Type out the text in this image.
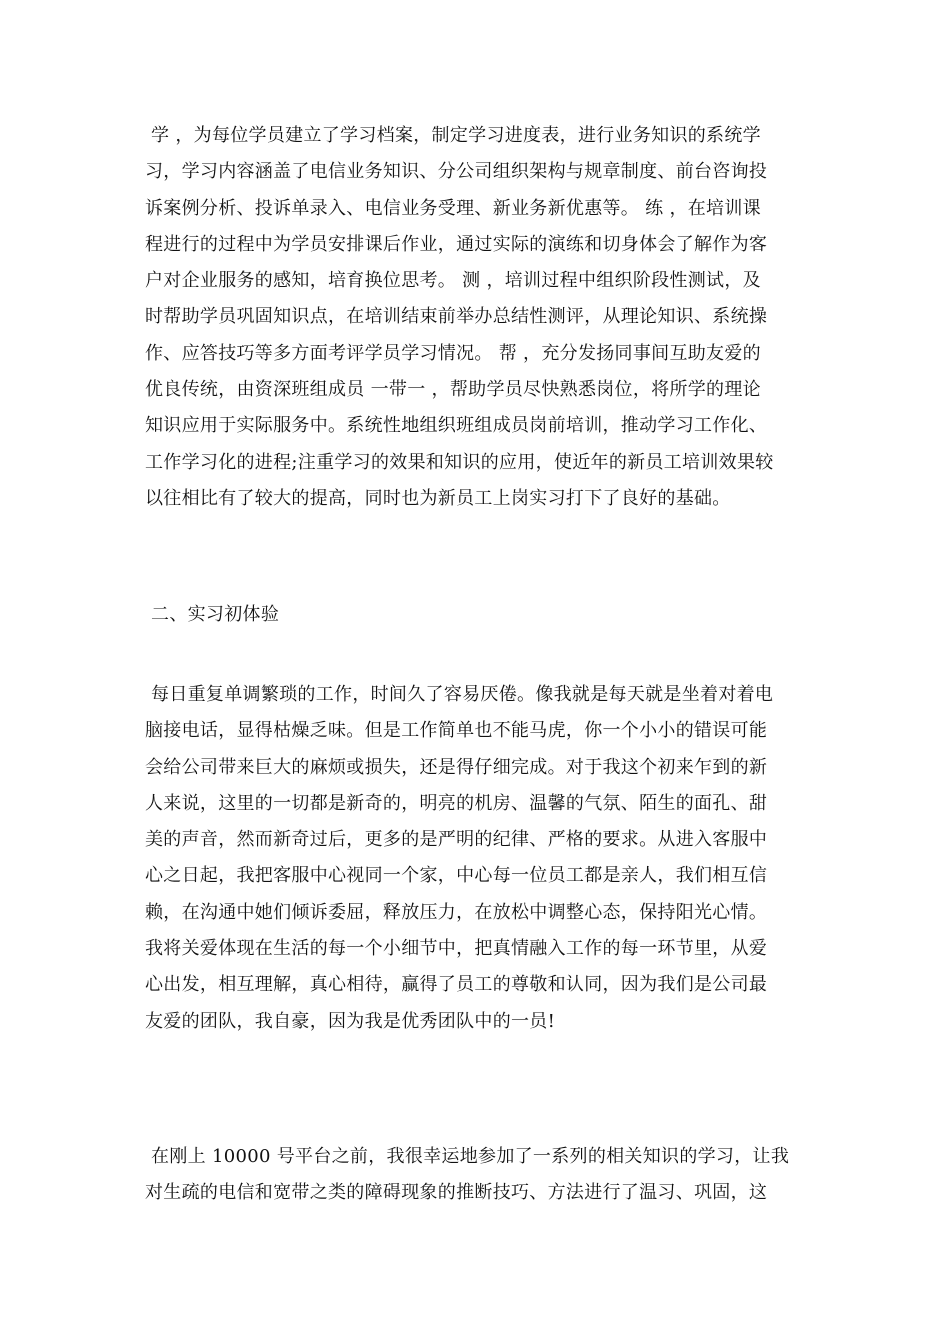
学 ，为每位学员建立了学习档案，制定学习进度表，进行业务知识的系统学
习，学习内容涵盖了电信业务知识、分公司组织架构与规章制度、前台咨询投
诉案例分析、投诉单录入、电信业务受理、新业务新优惠等。 练 ，在培训课
程进行的过程中为学员安排课后作业，通过实际的演练和切身体会了解作为客
户对企业服务的感知，培育换位思考。 测 ，培训过程中组织阶段性测试，及
时帮助学员巩固知识点，在培训结束前举办总结性测评，从理论知识、系统操
作、应答技巧等多方面考评学员学习情况。 帮 ，充分发扬同事间互助友爱的
优良传统，由资深班组成员 一带一 ，帮助学员尽快熟悉岗位，将所学的理论
知识应用于实际服务中。系统性地组织班组成员岗前培训，推动学习工作化、
工作学习化的进程;注重学习的效果和知识的应用，使近年的新员工培训效果较
以往相比有了较大的提高，同时也为新员工上岗实习打下了良好的基础。
二、实习初体验
每日重复单调繁琐的工作，时间久了容易厌倦。像我就是每天就是坐着对着电
脑接电话，显得枯燥乏味。但是工作简单也不能马虎，你一个小小的错误可能
会给公司带来巨大的麻烦或损失，还是得仔细完成。对于我这个初来乍到的新
人来说，这里的一切都是新奇的，明亮的机房、温馨的气氛、陌生的面孔、甜
美的声音，然而新奇过后，更多的是严明的纪律、严格的要求。从进入客服中
心之日起，我把客服中心视同一个家，中心每一位员工都是亲人，我们相互信
赖，在沟通中她们倾诉委屈，释放压力，在放松中调整心态，保持阳光心情。
我将关爱体现在生活的每一个小细节中，把真情融入工作的每一环节里，从爱
心出发，相互理解，真心相待，赢得了员工的尊敬和认同，因为我们是公司最
友爱的团队，我自豪，因为我是优秀团队中的一员!
在刚上 10000 号平台之前，我很幸运地参加了一系列的相关知识的学习，让我
对生疏的电信和宽带之类的障碍现象的推断技巧、方法进行了温习、巩固，这
